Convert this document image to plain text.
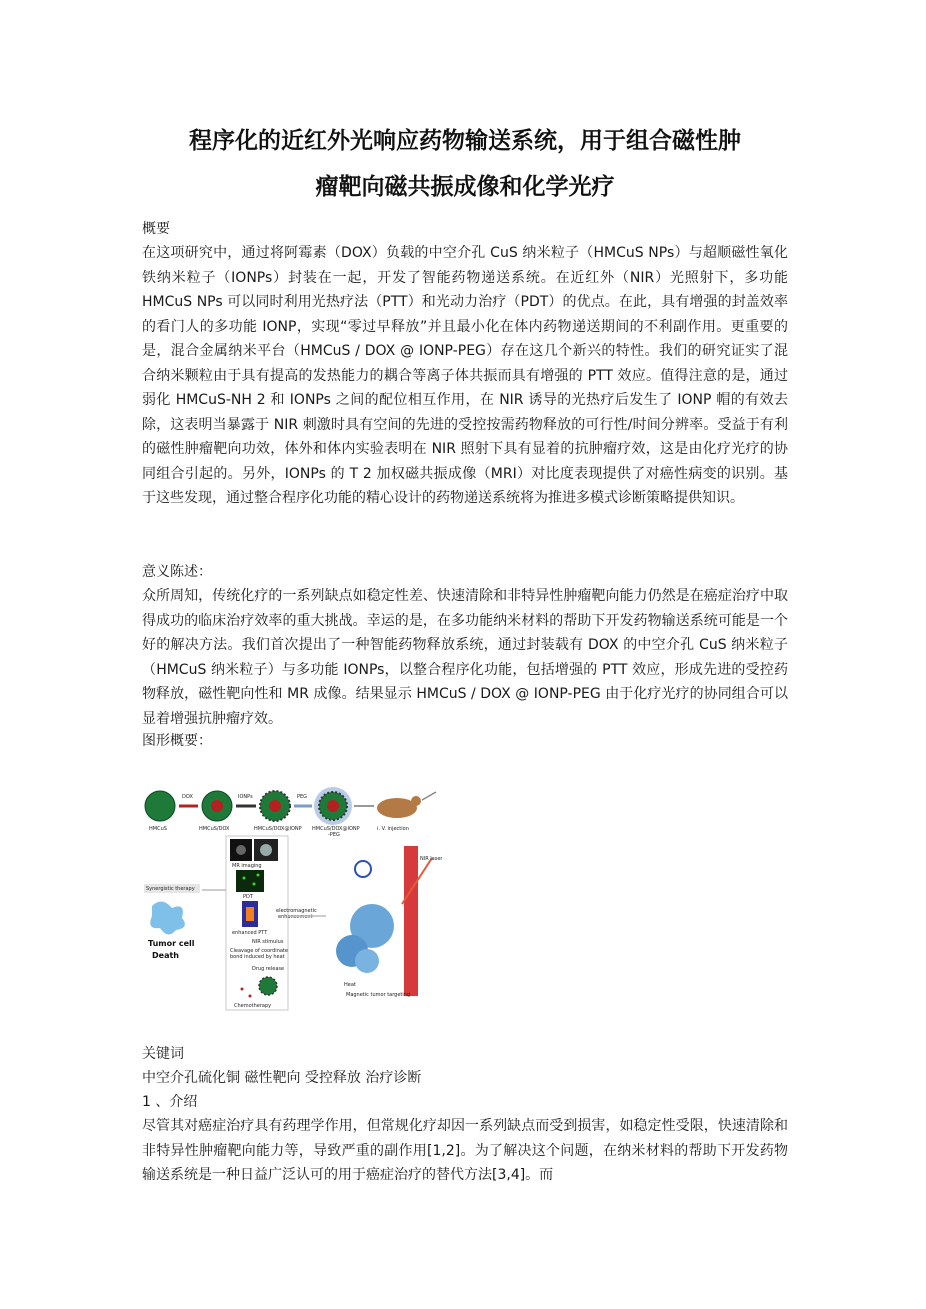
程序化的近红外光响应药物输送系统，用于组合磁性肿
瘤靶向磁共振成像和化学光疗
概要
在这项研究中，通过将阿霉素（DOX）负载的中空介孔 CuS 纳米粒子（HMCuS NPs）与超顺磁性氧化铁纳米粒子（IONPs）封装在一起，开发了智能药物递送系统。在近红外（NIR）光照射下，多功能 HMCuS NPs 可以同时利用光热疗法（PTT）和光动力治疗（PDT）的优点。在此，具有增强的封盖效率的看门人的多功能 IONP，实现“零过早释放”并且最小化在体内药物递送期间的不利副作用。更重要的是，混合金属纳米平台（HMCuS / DOX @ IONP-PEG）存在这几个新兴的特性。我们的研究证实了混合纳米颗粒由于具有提高的发热能力的耦合等离子体共振而具有增强的 PTT 效应。值得注意的是，通过弱化 HMCuS-NH 2 和 IONPs 之间的配位相互作用，在 NIR 诱导的光热疗后发生了 IONP 帽的有效去除，这表明当暴露于 NIR 刺激时具有空间的先进的受控按需药物释放的可行性/时间分辨率。受益于有利的磁性肿瘤靶向功效，体外和体内实验表明在 NIR 照射下具有显着的抗肿瘤疗效，这是由化疗光疗的协同组合引起的。另外，IONPs 的 T 2 加权磁共振成像（MRI）对比度表现提供了对癌性病变的识别。基于这些发现，通过整合程序化功能的精心设计的药物递送系统将为推进多模式诊断策略提供知识。
意义陈述：
众所周知，传统化疗的一系列缺点如稳定性差、快速清除和非特异性肿瘤靶向能力仍然是在癌症治疗中取得成功的临床治疗效率的重大挑战。幸运的是，在多功能纳米材料的帮助下开发药物输送系统可能是一个好的解决方法。我们首次提出了一种智能药物释放系统，通过封装载有 DOX 的中空介孔 CuS 纳米粒子（HMCuS 纳米粒子）与多功能 IONPs，以整合程序化功能，包括增强的 PTT 效应，形成先进的受控药物释放，磁性靶向性和 MR 成像。结果显示 HMCuS / DOX @ IONP-PEG 由于化疗光疗的协同组合可以显着增强抗肿瘤疗效。
图形概要：
HMCuS	HMCuS/DOX	HMCuS/DOX@IONP HMCuS/DOX@IONP
-PEG
DOX	IONPs	PEG
i. V. injection
MR imaging
PDT
electromagnetic
enhancement
enhanced PTT
NIR stimulus
Cleavage of coordinate
bond induced by heat
Drug release
Chemotherapy
Synergistic therapy
Tumor cell
Death
NIR laser
Heat
Magnetic tumor targeting
关键词
中空介孔硫化铜 磁性靶向 受控释放 治疗诊断
1 、介绍
尽管其对癌症治疗具有药理学作用，但常规化疗却因一系列缺点而受到损害，如稳定性受限，快速清除和非特异性肿瘤靶向能力等，导致严重的副作用[1,2]。为了解决这个问题，在纳米材料的帮助下开发药物输送系统是一种日益广泛认可的用于癌症治疗的替代方法[3,4]。而
